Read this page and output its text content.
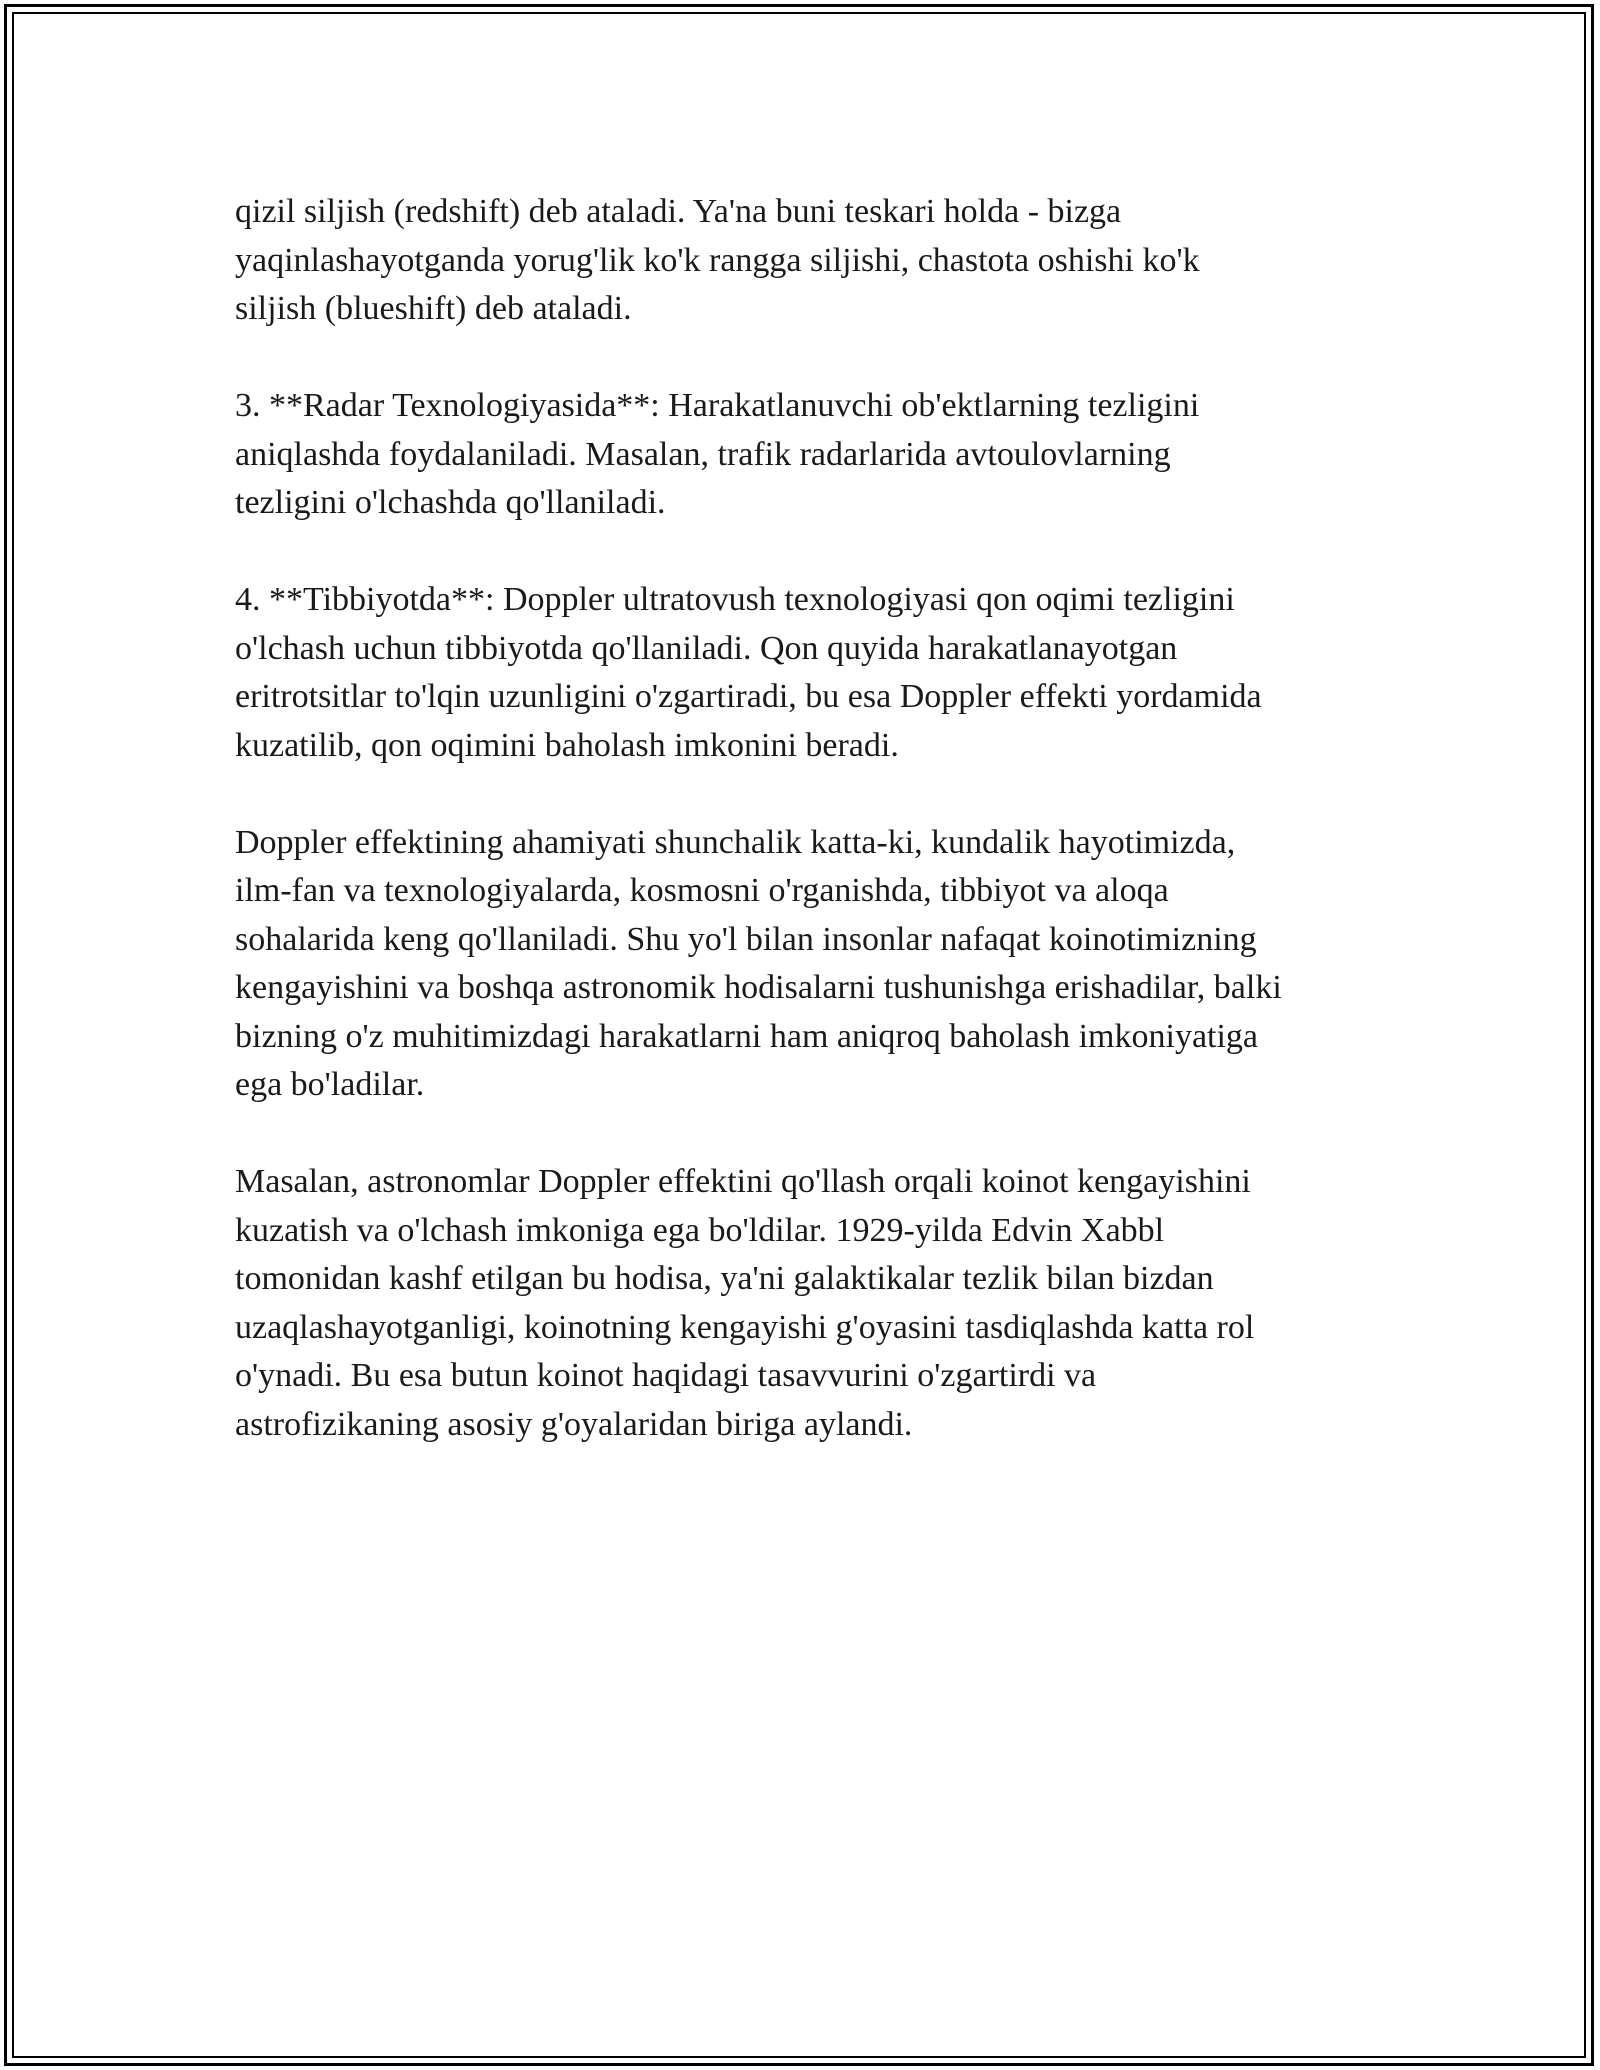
qizil siljish (redshift) deb ataladi. Ya'na buni teskari holda - bizga
yaqinlashayotganda yorug'lik ko'k rangga siljishi, chastota oshishi ko'k
siljish (blueshift) deb ataladi.

3. **Radar Texnologiyasida**: Harakatlanuvchi ob'ektlarning tezligini
aniqlashda foydalaniladi. Masalan, trafik radarlarida avtoulovlarning
tezligini o'lchashda qo'llaniladi.

4. **Tibbiyotda**: Doppler ultratovush texnologiyasi qon oqimi tezligini
o'lchash uchun tibbiyotda qo'llaniladi. Qon quyida harakatlanayotgan
eritrotsitlar to'lqin uzunligini o'zgartiradi, bu esa Doppler effekti yordamida
kuzatilib, qon oqimini baholash imkonini beradi.

Doppler effektining ahamiyati shunchalik katta-ki, kundalik hayotimizda,
ilm-fan va texnologiyalarda, kosmosni o'rganishda, tibbiyot va aloqa
sohalarida keng qo'llaniladi. Shu yo'l bilan insonlar nafaqat koinotimizning
kengayishini va boshqa astronomik hodisalarni tushunishga erishadilar, balki
bizning o'z muhitimizdagi harakatlarni ham aniqroq baholash imkoniyatiga
ega bo'ladilar.

Masalan, astronomlar Doppler effektini qo'llash orqali koinot kengayishini
kuzatish va o'lchash imkoniga ega bo'ldilar. 1929-yilda Edvin Xabbl
tomonidan kashf etilgan bu hodisa, ya'ni galaktikalar tezlik bilan bizdan
uzaqlashayotganligi, koinotning kengayishi g'oyasini tasdiqlashda katta rol
o'ynadi. Bu esa butun koinot haqidagi tasavvurini o'zgartirdi va
astrofizikaning asosiy g'oyalaridan biriga aylandi.
